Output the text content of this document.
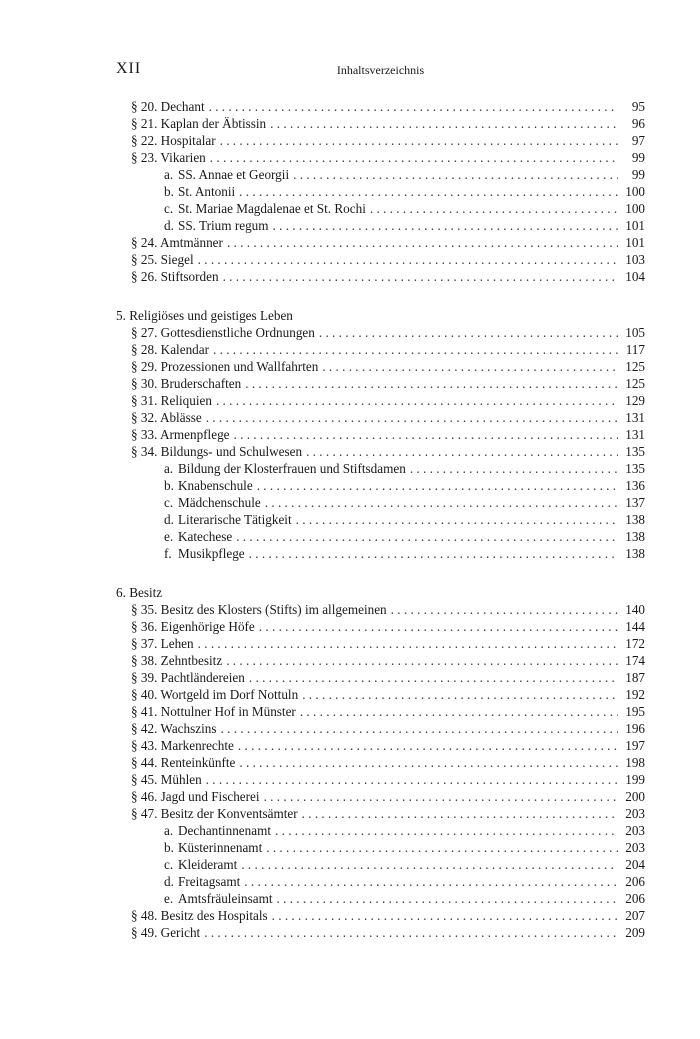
XII	Inhaltsverzeichnis
§ 20. Dechant . . .	95
§ 21. Kaplan der Äbtissin . . .	96
§ 22. Hospitalar . . .	97
§ 23. Vikarien . . .	99
a. SS. Annae et Georgii . . .	99
b. St. Antonii . . .	100
c. St. Mariae Magdalenae et St. Rochi . . .	100
d. SS. Trium regum . . .	101
§ 24. Amtmänner . . .	101
§ 25. Siegel . . .	103
§ 26. Stiftsorden . . .	104
5. Religiöses und geistiges Leben
§ 27. Gottesdienstliche Ordnungen . . .	105
§ 28. Kalendar . . .	117
§ 29. Prozessionen und Wallfahrten . . .	125
§ 30. Bruderschaften . . .	125
§ 31. Reliquien . . .	129
§ 32. Ablässe . . .	131
§ 33. Armenpflege . . .	131
§ 34. Bildungs- und Schulwesen . . .	135
a. Bildung der Klosterfrauen und Stiftsdamen . . .	135
b. Knabenschule . . .	136
c. Mädchenschule . . .	137
d. Literarische Tätigkeit . . .	138
e. Katechese . . .	138
f. Musikpflege . . .	138
6. Besitz
§ 35. Besitz des Klosters (Stifts) im allgemeinen . . .	140
§ 36. Eigenhörige Höfe . . .	144
§ 37. Lehen . . .	172
§ 38. Zehntbesitz . . .	174
§ 39. Pachtländereien . . .	187
§ 40. Wortgeld im Dorf Nottuln . . .	192
§ 41. Nottulner Hof in Münster . . .	195
§ 42. Wachszins . . .	196
§ 43. Markenrechte . . .	197
§ 44. Renteinkünfte . . .	198
§ 45. Mühlen . . .	199
§ 46. Jagd und Fischerei . . .	200
§ 47. Besitz der Konventsämter . . .	203
a. Dechantinnenamt . . .	203
b. Küsterinnenamt . . .	203
c. Kleideramt . . .	204
d. Freitagsamt . . .	206
e. Amtsfräuleinsamt . . .	206
§ 48. Besitz des Hospitals . . .	207
§ 49. Gericht . . .	209
